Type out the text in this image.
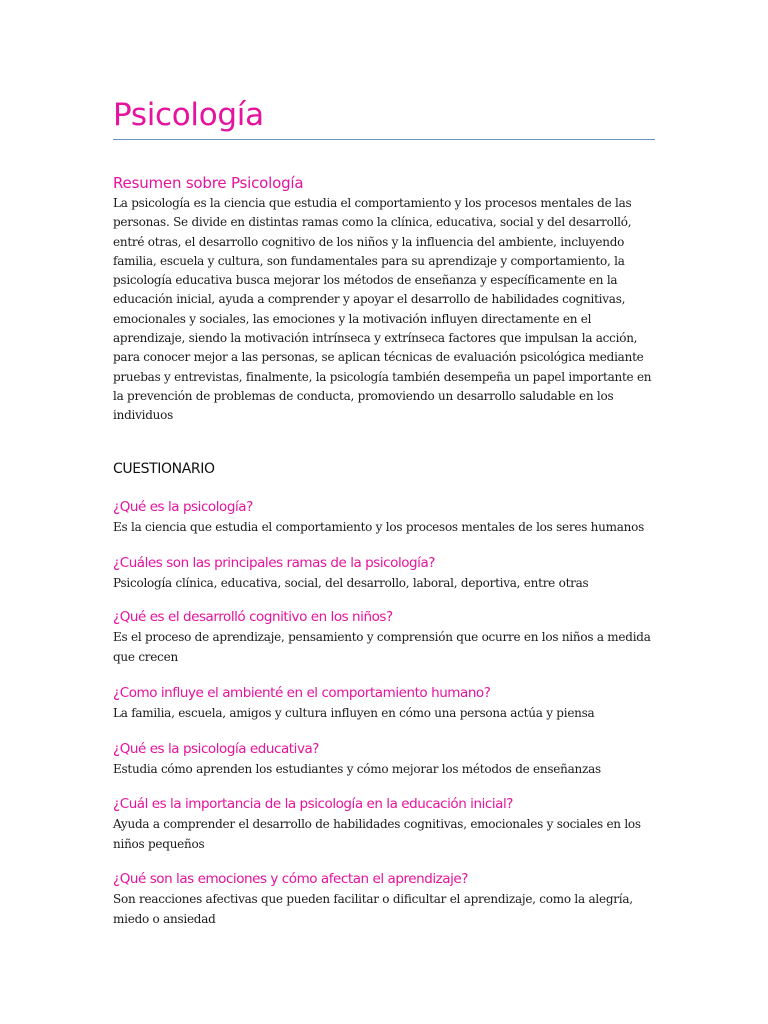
Psicología
Resumen sobre Psicología

La psicología es la ciencia que estudia el comportamiento y los procesos mentales de las personas. Se divide en distintas ramas como la clínica, educativa, social y del desarrolló, entré otras, el desarrollo cognitivo de los niños y la influencia del ambiente, incluyendo familia, escuela y cultura, son fundamentales para su aprendizaje y comportamiento, la psicología educativa busca mejorar los métodos de enseñanza y específicamente en la educación inicial, ayuda a comprender y apoyar el desarrollo de habilidades cognitivas, emocionales y sociales, las emociones y la motivación influyen directamente en el aprendizaje, siendo la motivación intrínseca y extrínseca factores que impulsan la acción, para conocer mejor a las personas, se aplican técnicas de evaluación psicológica mediante pruebas y entrevistas, finalmente, la psicología también desempeña un papel importante en la prevención de problemas de conducta, promoviendo un desarrollo saludable en los individuos

CUESTIONARIO
¿Qué es la psicología?

Es la ciencia que estudia el comportamiento y los procesos mentales de los seres humanos

¿Cuáles son las principales ramas de la psicología?

Psicología clínica, educativa, social, del desarrollo, laboral, deportiva, entre otras

¿Qué es el desarrolló cognitivo en los niños?

Es el proceso de aprendizaje, pensamiento y comprensión que ocurre en los niños a medida que crecen

¿Como influye el ambienté en el comportamiento humano?

La familia, escuela, amigos y cultura influyen en cómo una persona actúa y piensa

¿Qué es la psicología educativa?

Estudia cómo aprenden los estudiantes y cómo mejorar los métodos de enseñanzas

¿Cuál es la importancia de la psicología en la educación inicial?

Ayuda a comprender el desarrollo de habilidades cognitivas, emocionales y sociales en los niños pequeños

¿Qué son las emociones y cómo afectan el aprendizaje?

Son reacciones afectivas que pueden facilitar o dificultar el aprendizaje, como la alegría, miedo o ansiedad
